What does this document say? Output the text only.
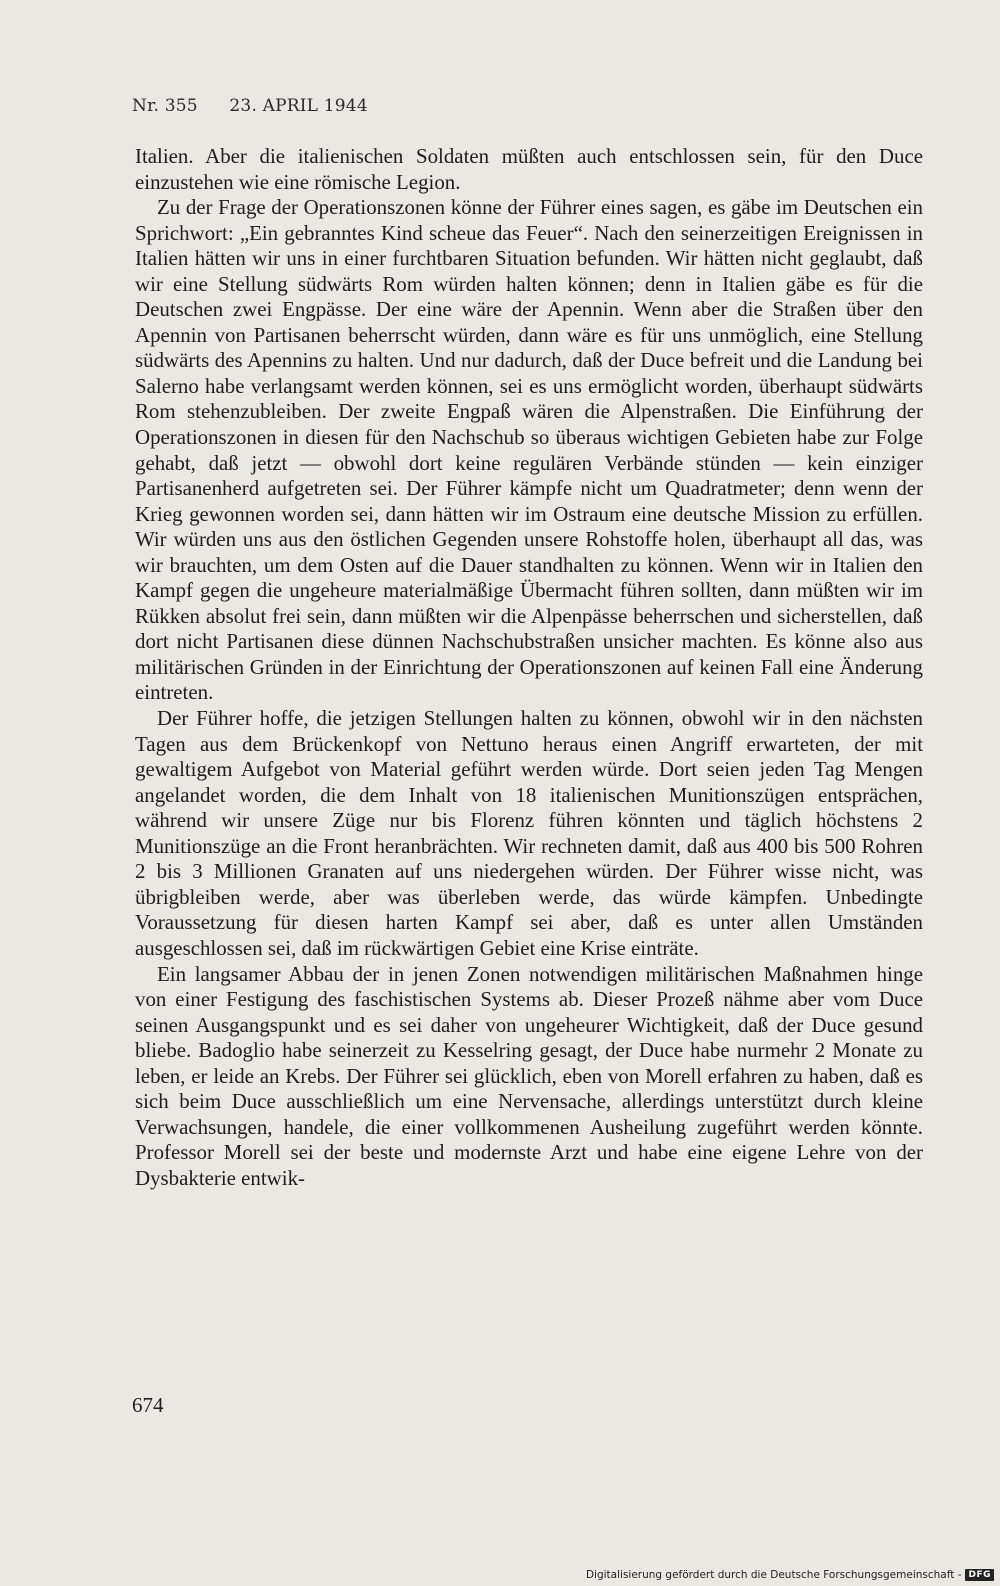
Nr. 355 23. APRIL 1944

Italien. Aber die italienischen Soldaten müßten auch entschlossen sein, für den Duce einzustehen wie eine römische Legion.

Zu der Frage der Operationszonen könne der Führer eines sagen, es gäbe im Deutschen ein Sprichwort: „Ein gebranntes Kind scheue das Feuer“. Nach den seinerzeitigen Ereignissen in Italien hätten wir uns in einer furchtbaren Situation befunden. Wir hätten nicht geglaubt, daß wir eine Stellung südwärts Rom würden halten können; denn in Italien gäbe es für die Deutschen zwei Engpässe. Der eine wäre der Apennin. Wenn aber die Straßen über den Apennin von Partisanen beherrscht würden, dann wäre es für uns unmöglich, eine Stellung südwärts des Apennins zu halten. Und nur dadurch, daß der Duce befreit und die Landung bei Salerno habe verlangsamt werden können, sei es uns ermöglicht worden, überhaupt südwärts Rom stehenzubleiben. Der zweite Engpaß wären die Alpenstraßen. Die Einführung der Operationszonen in diesen für den Nachschub so überaus wichtigen Gebieten habe zur Folge gehabt, daß jetzt — obwohl dort keine regulären Verbände stünden — kein einziger Partisanenherd aufgetreten sei. Der Führer kämpfe nicht um Quadratmeter; denn wenn der Krieg gewonnen worden sei, dann hätten wir im Ostraum eine deutsche Mission zu erfüllen. Wir würden uns aus den östlichen Gegenden unsere Rohstoffe holen, überhaupt all das, was wir brauchten, um dem Osten auf die Dauer standhalten zu können. Wenn wir in Italien den Kampf gegen die ungeheure materialmäßige Übermacht führen sollten, dann müßten wir im Rükken absolut frei sein, dann müßten wir die Alpenpässe beherrschen und sicherstellen, daß dort nicht Partisanen diese dünnen Nachschubstraßen unsicher machten. Es könne also aus militärischen Gründen in der Einrichtung der Operationszonen auf keinen Fall eine Änderung eintreten.

Der Führer hoffe, die jetzigen Stellungen halten zu können, obwohl wir in den nächsten Tagen aus dem Brückenkopf von Nettuno heraus einen Angriff erwarteten, der mit gewaltigem Aufgebot von Material geführt werden würde. Dort seien jeden Tag Mengen angelandet worden, die dem Inhalt von 18 italienischen Munitionszügen entsprächen, während wir unsere Züge nur bis Florenz führen könnten und täglich höchstens 2 Munitionszüge an die Front heranbrächten. Wir rechneten damit, daß aus 400 bis 500 Rohren 2 bis 3 Millionen Granaten auf uns niedergehen würden. Der Führer wisse nicht, was übrigbleiben werde, aber was überleben werde, das würde kämpfen. Unbedingte Voraussetzung für diesen harten Kampf sei aber, daß es unter allen Umständen ausgeschlossen sei, daß im rückwärtigen Gebiet eine Krise einträte.

Ein langsamer Abbau der in jenen Zonen notwendigen militärischen Maßnahmen hinge von einer Festigung des faschistischen Systems ab. Dieser Prozeß nähme aber vom Duce seinen Ausgangspunkt und es sei daher von ungeheurer Wichtigkeit, daß der Duce gesund bliebe. Badoglio habe seinerzeit zu Kesselring gesagt, der Duce habe nurmehr 2 Monate zu leben, er leide an Krebs. Der Führer sei glücklich, eben von Morell erfahren zu haben, daß es sich beim Duce ausschließlich um eine Nervensache, allerdings unterstützt durch kleine Verwachsungen, handele, die einer vollkommenen Ausheilung zugeführt werden könnte. Professor Morell sei der beste und modernste Arzt und habe eine eigene Lehre von der Dysbakterie entwik-

674
Digitalisierung gefördert durch die Deutsche Forschungsgemeinschaft - DFG
